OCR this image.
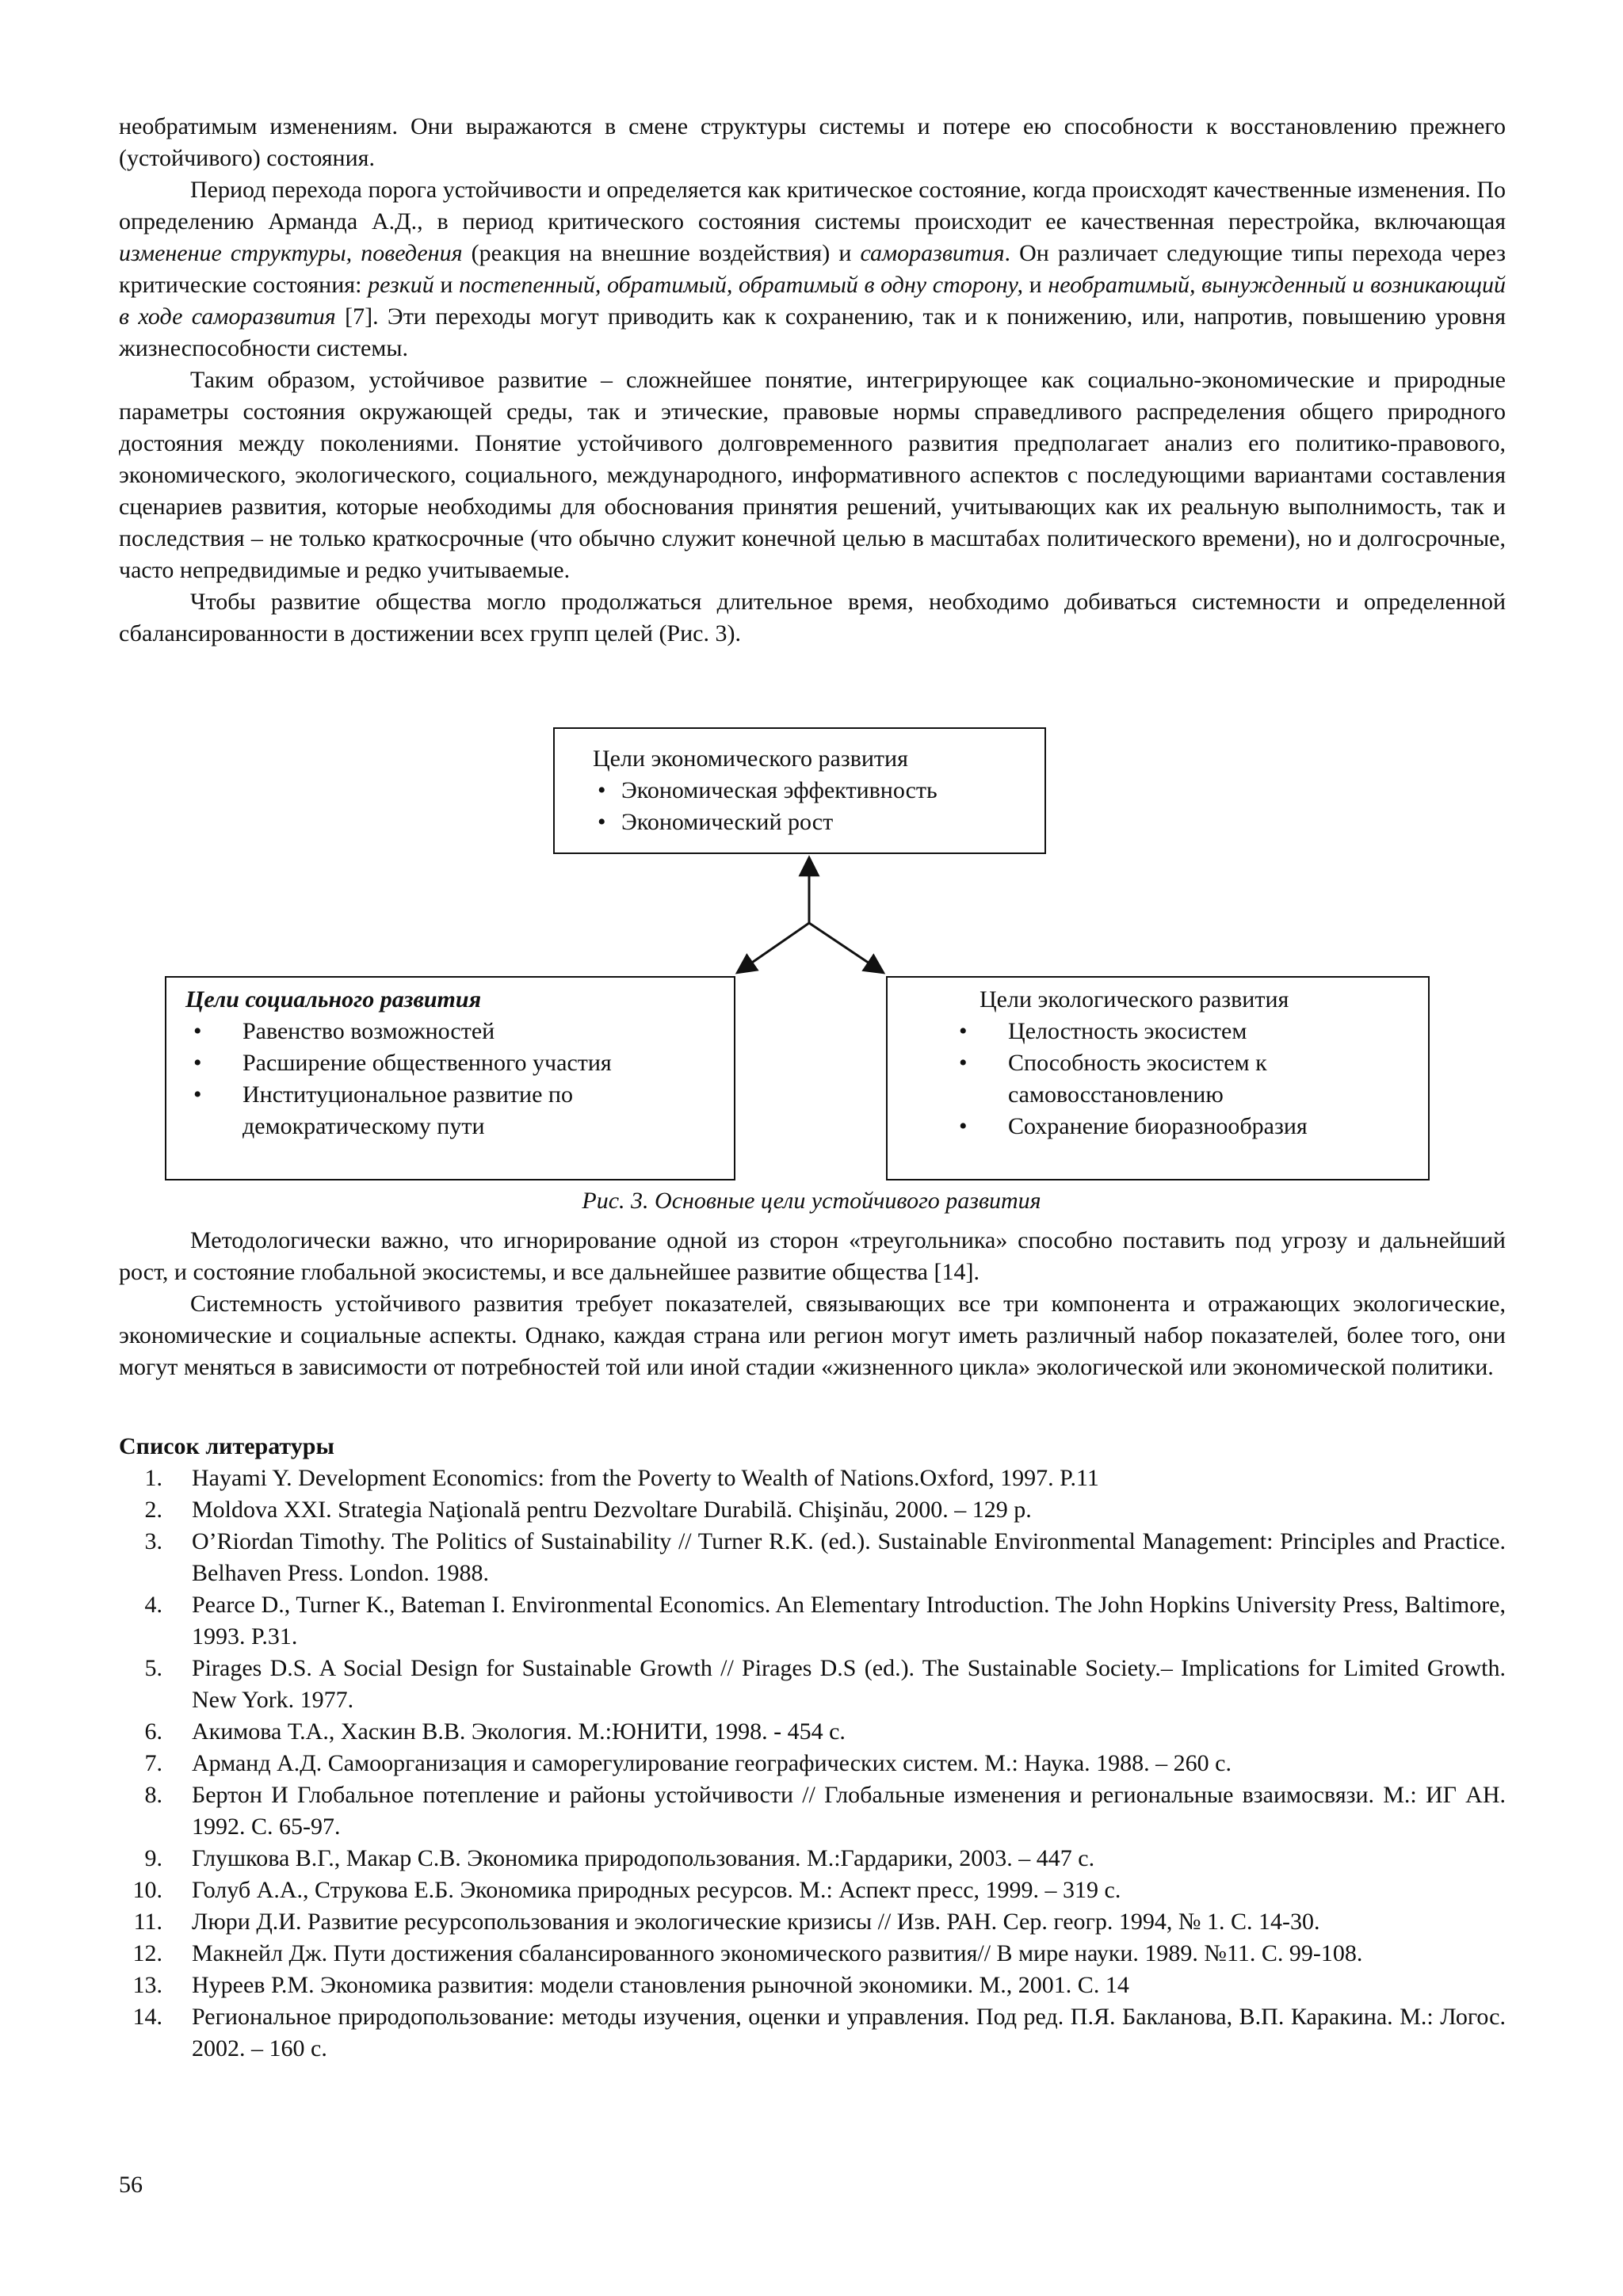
необратимым изменениям. Они выражаются в смене структуры системы и потере ею способности к восстановлению прежнего (устойчивого) состояния.

Период перехода порога устойчивости и определяется как критическое состояние, когда происходят качественные изменения. По определению Арманда А.Д., в период критического состояния системы происходит ее качественная перестройка, включающая изменение структуры, поведения (реакция на внешние воздействия) и саморазвития. Он различает следующие типы перехода через критические состояния: резкий и постепенный, обратимый, обратимый в одну сторону, и необратимый, вынужденный и возникающий в ходе саморазвития [7]. Эти переходы могут приводить как к сохранению, так и к понижению, или, напротив, повышению уровня жизнеспособности системы.

Таким образом, устойчивое развитие – сложнейшее понятие, интегрирующее как социально-экономические и природные параметры состояния окружающей среды, так и этические, правовые нормы справедливого распределения общего природного достояния между поколениями. Понятие устойчивого долговременного развития предполагает анализ его политико-правового, экономического, экологического, социального, международного, информативного аспектов с последующими вариантами составления сценариев развития, которые необходимы для обоснования принятия решений, учитывающих как их реальную выполнимость, так и последствия – не только краткосрочные (что обычно служит конечной целью в масштабах политического времени), но и долгосрочные, часто непредвидимые и редко учитываемые.

Чтобы развитие общества могло продолжаться длительное время, необходимо добиваться системности и определенной сбалансированности в достижении всех групп целей (Рис. 3).

Цели экономического развития
• Экономическая эффективность
• Экономический рост
Цели социального развития
• Равенство возможностей
• Расширение общественного участия
• Институциональное развитие по демократическому пути
Цели экологического развития
• Целостность экосистем
• Способность экосистем к самовосстановлению
• Сохранение биоразнообразия
Рис. 3. Основные цели устойчивого развития

Методологически важно, что игнорирование одной из сторон «треугольника» способно поставить под угрозу и дальнейший рост, и состояние глобальной экосистемы, и все дальнейшее развитие общества [14].

Системность устойчивого развития требует показателей, связывающих все три компонента и отражающих экологические, экономические и социальные аспекты. Однако, каждая страна или регион могут иметь различный набор показателей, более того, они могут меняться в зависимости от потребностей той или иной стадии «жизненного цикла» экологической или экономической политики.

Список литературы
1. Hayami Y. Development Economics: from the Poverty to Wealth of Nations.Oxford, 1997. P.11
2. Moldova XXI. Strategia Naţională pentru Dezvoltare Durabilă. Chişinău, 2000. – 129 p.
3. O’Riordan Timothy. The Politics of Sustainability // Turner R.K. (ed.). Sustainable Environmental Management: Principles and Practice. Belhaven Press. London. 1988.
4. Pearce D., Turner K., Bateman I. Environmental Economics. An Elementary Introduction. The John Hopkins University Press, Baltimore, 1993. P.31.
5. Pirages D.S. A Social Design for Sustainable Growth // Pirages D.S (ed.). The Sustainable Society.– Implications for Limited Growth. New York. 1977.
6. Акимова Т.А., Хаскин В.В. Экология. М.:ЮНИТИ, 1998. - 454 с.
7. Арманд А.Д. Самоорганизация и саморегулирование географических систем. М.: Наука. 1988. – 260 с.
8. Бертон И Глобальное потепление и районы устойчивости // Глобальные изменения и региональные взаимосвязи. М.: ИГ АН. 1992. С. 65-97.
9. Глушкова В.Г., Макар С.В. Экономика природопользования. М.:Гардарики, 2003. – 447 с.
10. Голуб А.А., Струкова Е.Б. Экономика природных ресурсов. М.: Аспект пресс, 1999. – 319 с.
11. Люри Д.И. Развитие ресурсопользования и экологические кризисы // Изв. РАН. Сер. геогр. 1994, № 1. С. 14-30.
12. Макнейл Дж. Пути достижения сбалансированного экономического развития// В мире науки. 1989. №11. С. 99-108.
13. Нуреев Р.М. Экономика развития: модели становления рыночной экономики. М., 2001. С. 14
14. Региональное природопользование: методы изучения, оценки и управления. Под ред. П.Я. Бакланова, В.П. Каракина. М.: Логос. 2002. – 160 с.
56
